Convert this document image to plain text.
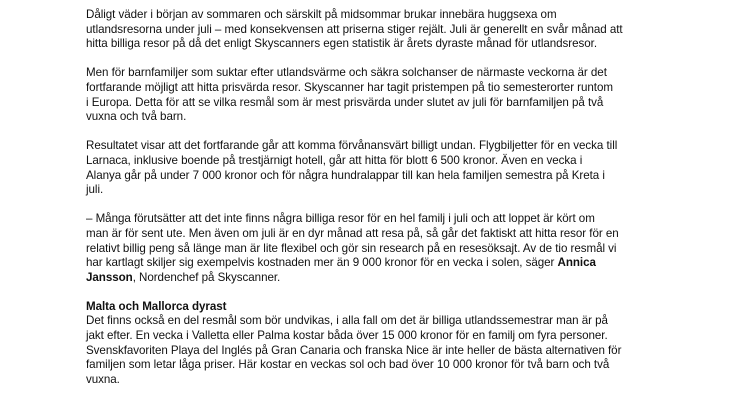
Dåligt väder i början av sommaren och särskilt på midsommar brukar innebära huggsexa om
utlandsresorna under juli – med konsekvensen att priserna stiger rejält. Juli är generellt en svår månad att
hitta billiga resor på då det enligt Skyscanners egen statistik är årets dyraste månad för utlandsresor.

Men för barnfamiljer som suktar efter utlandsvärme och säkra solchanser de närmaste veckorna är det
fortfarande möjligt att hitta prisvärda resor. Skyscanner har tagit pristempen på tio semesterorter runtom
i Europa. Detta för att se vilka resmål som är mest prisvärda under slutet av juli för barnfamiljen på två
vuxna och två barn.

Resultatet visar att det fortfarande går att komma förvånansvärt billigt undan. Flygbiljetter för en vecka till
Larnaca, inklusive boende på trestjärnigt hotell, går att hitta för blott 6 500 kronor. Även en vecka i
Alanya går på under 7 000 kronor och för några hundralappar till kan hela familjen semestra på Kreta i
juli.

– Många förutsätter att det inte finns några billiga resor för en hel familj i juli och att loppet är kört om
man är för sent ute. Men även om juli är en dyr månad att resa på, så går det faktiskt att hitta resor för en
relativt billig peng så länge man är lite flexibel och gör sin research på en resesöksajt. Av de tio resmål vi
har kartlagt skiljer sig exempelvis kostnaden mer än 9 000 kronor för en vecka i solen, säger Annica
Jansson, Nordenchef på Skyscanner.

Malta och Mallorca dyrast
Det finns också en del resmål som bör undvikas, i alla fall om det är billiga utlandssemestrar man är på
jakt efter. En vecka i Valletta eller Palma kostar båda över 15 000 kronor för en familj om fyra personer.
Svenskfavoriten Playa del Inglés på Gran Canaria och franska Nice är inte heller de bästa alternativen för
familjen som letar låga priser. Här kostar en veckas sol och bad över 10 000 kronor för två barn och två
vuxna.
